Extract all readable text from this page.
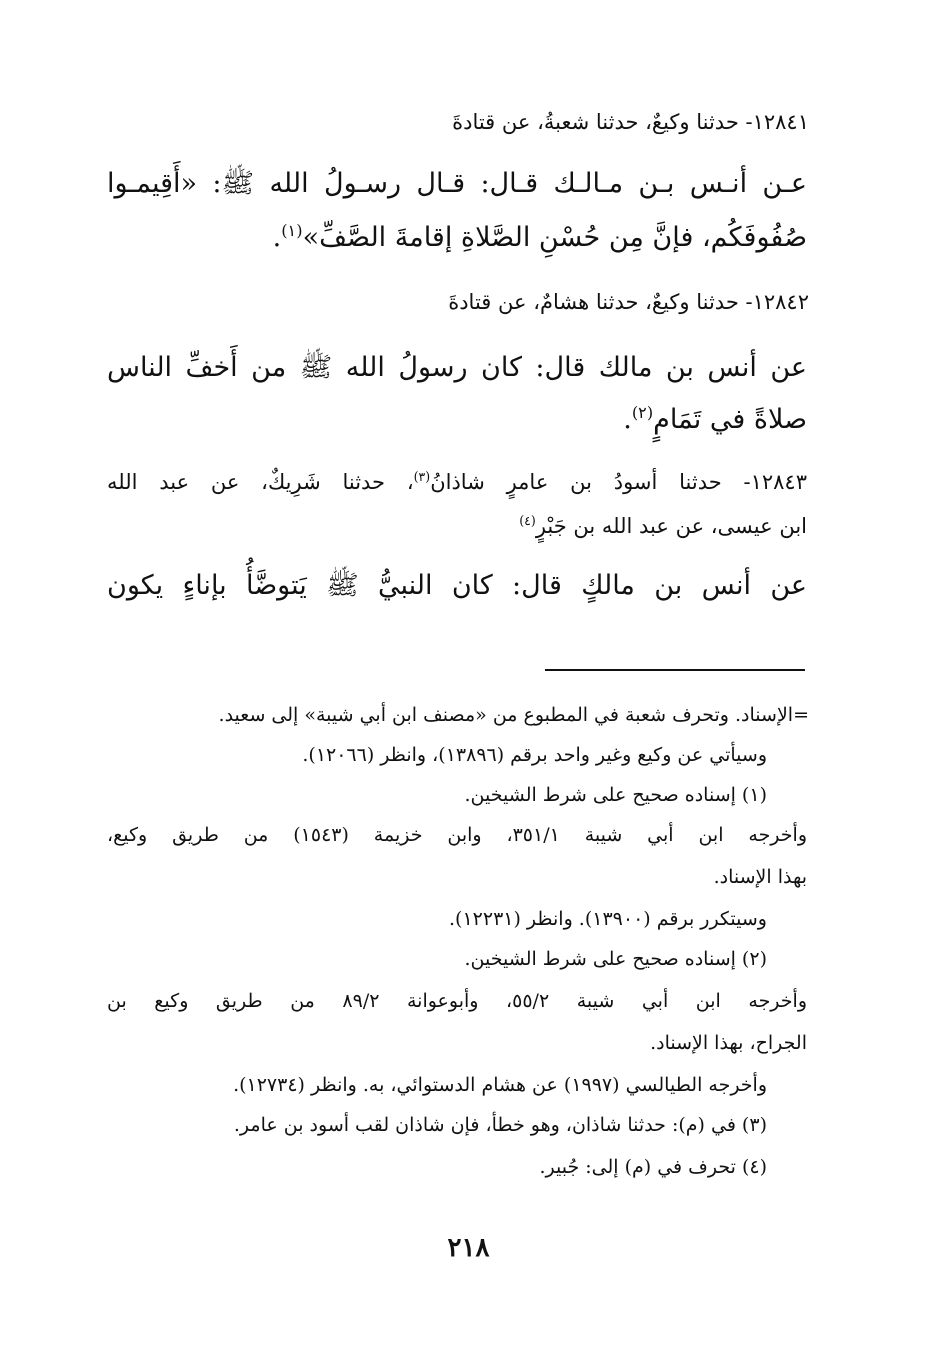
١٢٨٤١- حدثنا وكيعٌ، حدثنا شعبةُ، عن قتادةَ
عـن أنـس بـن مـالـك قـال: قـال رسـولُ الله ﷺ: «أَقِيمـوا
صُفُوفَكُم، فإنَّ مِن حُسْنِ الصَّلاةِ إقامةَ الصَّفِّ»$^{(١)}$.
١٢٨٤٢- حدثنا وكيعٌ، حدثنا هشامٌ، عن قتادةَ
عن أنس بن مالك قال: كان رسولُ الله ﷺ من أَخفِّ الناس
صلاةً في تَمَامٍ$^{(٢)}$.
١٢٨٤٣- حدثنا أسودُ بن عامرٍ شاذانُ$^{(٣)}$، حدثنا شَرِيكٌ، عن عبد الله
ابن عيسى، عن عبد الله بن جَبْرٍ$^{(٤)}$
عن أنس بن مالكٍ قال: كان النبيُّ ﷺ يَتوضَّأُ بإناءٍ يكون
=الإسناد. وتحرف شعبة في المطبوع من «مصنف ابن أبي شيبة» إلى سعيد.
وسيأتي عن وكيع وغير واحد برقم (١٣٨٩٦)، وانظر (١٢٠٦٦).
(١) إسناده صحيح على شرط الشيخين.
وأخرجه ابن أبي شيبة ٣٥١/١، وابن خزيمة (١٥٤٣) من طريق وكيع،
بهذا الإسناد.
وسيتكرر برقم (١٣٩٠٠). وانظر (١٢٢٣١).
(٢) إسناده صحيح على شرط الشيخين.
وأخرجه ابن أبي شيبة ٥٥/٢، وأبوعوانة ٨٩/٢ من طريق وكيع بن
الجراح، بهذا الإسناد.
وأخرجه الطيالسي (١٩٩٧) عن هشام الدستوائي، به. وانظر (١٢٧٣٤).
(٣) في (م): حدثنا شاذان، وهو خطأ، فإن شاذان لقب أسود بن عامر.
(٤) تحرف في (م) إلى: جُبير.
٢١٨
